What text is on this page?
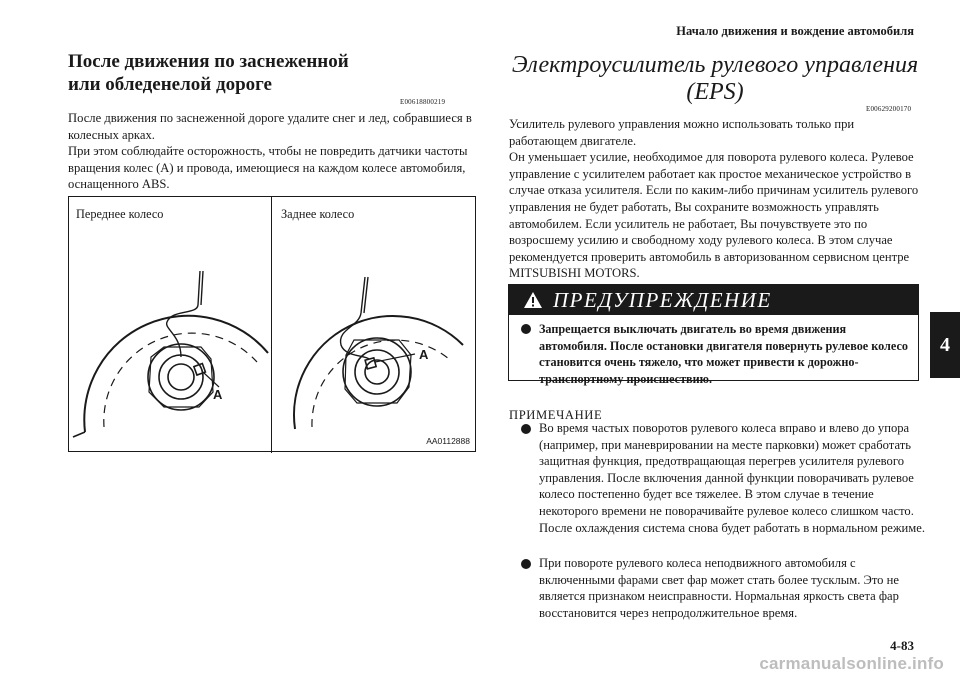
Начало движения и вождение автомобиля
4
После движения по заснеженной
или обледенелой дороге
E00618800219
После движения по заснеженной дороге удалите снег и лед, собравшиеся в колесных арках.
При этом соблюдайте осторожность, чтобы не повредить датчики частоты вращения колес (A) и провода, имеющиеся на каждом колесе автомобиля, оснащенного ABS.
Переднее колесо	Заднее колесо
A
A
AA0112888
Электроусилитель рулевого управления
(EPS)
E00629200170
Усилитель рулевого управления можно использовать только при работающем двигателе.
Он уменьшает усилие, необходимое для поворота рулевого колеса. Рулевое управление с усилителем работает как простое механическое устройство в случае отказа усилителя. Если по каким-либо причинам усилитель рулевого управления не будет работать, Вы сохраните возможность управлять автомобилем. Если усилитель не работает, Вы почувствуете это по возросшему усилию и свободному ходу рулевого колеса. В этом случае рекомендуется проверить автомобиль в авторизованном сервисном центре MITSUBISHI MOTORS.
ПРЕДУПРЕЖДЕНИЕ
Запрещается выключать двигатель во время движения автомобиля. После остановки двигателя повернуть рулевое колесо становится очень тяжело, что может привести к дорожно-транспортному происшествию.
ПРИМЕЧАНИЕ
Во время частых поворотов рулевого колеса вправо и влево до упора (например, при маневрировании на месте парковки) может сработать защитная функция, предотвращающая перегрев усилителя рулевого управления. После включения данной функции поворачивать рулевое колесо постепенно будет все тяжелее. В этом случае в течение некоторого времени не поворачивайте рулевое колесо слишком часто. После охлаждения система снова будет работать в нормальном режиме.
При повороте рулевого колеса неподвижного автомобиля с включенными фарами свет фар может стать более тусклым. Это не является признаком неисправности. Нормальная яркость света фар восстановится через непродолжительное время.
4-83
carmanualsonline.info
